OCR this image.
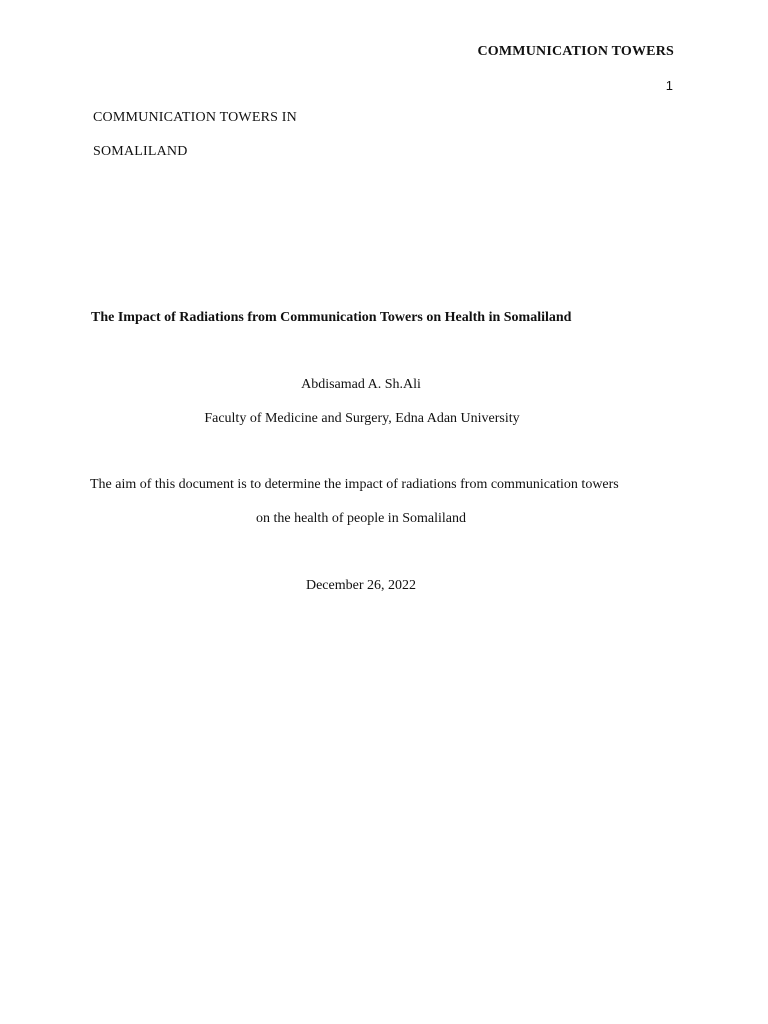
COMMUNICATION TOWERS
1
COMMUNICATION TOWERS IN
SOMALILAND
The Impact of Radiations from Communication Towers on Health in Somaliland
Abdisamad A. Sh.Ali
Faculty of Medicine and Surgery, Edna Adan University
The aim of this document is to determine the impact of radiations from communication towers
on the health of people in Somaliland
December 26, 2022
